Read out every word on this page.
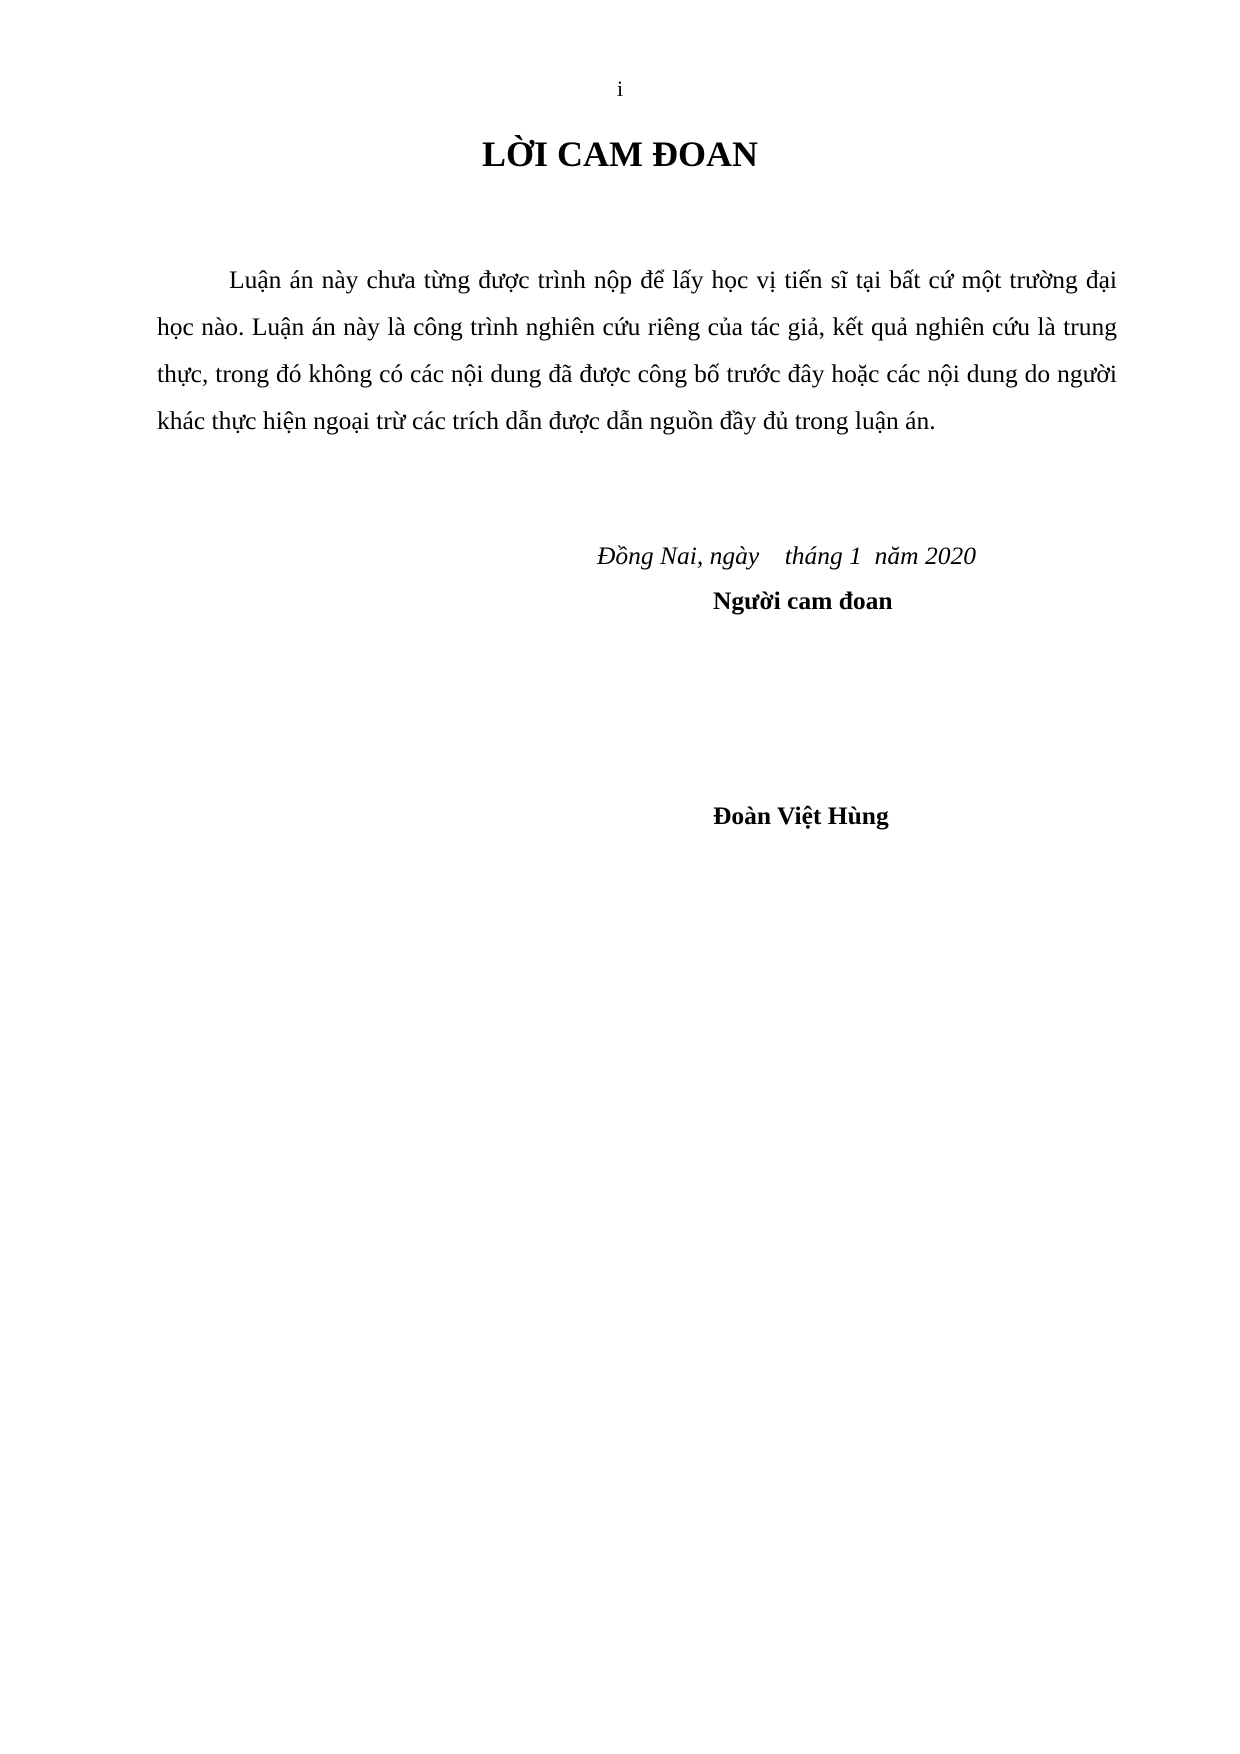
i
LỜI CAM ĐOAN

Luận án này chưa từng được trình nộp để lấy học vị tiến sĩ tại bất cứ một trường đại học nào. Luận án này là công trình nghiên cứu riêng của tác giả, kết quả nghiên cứu là trung thực, trong đó không có các nội dung đã được công bố trước đây hoặc các nội dung do người khác thực hiện ngoại trừ các trích dẫn được dẫn nguồn đầy đủ trong luận án.

Đồng Nai, ngày    tháng 1  năm 2020
Người cam đoan
Đoàn Việt Hùng
